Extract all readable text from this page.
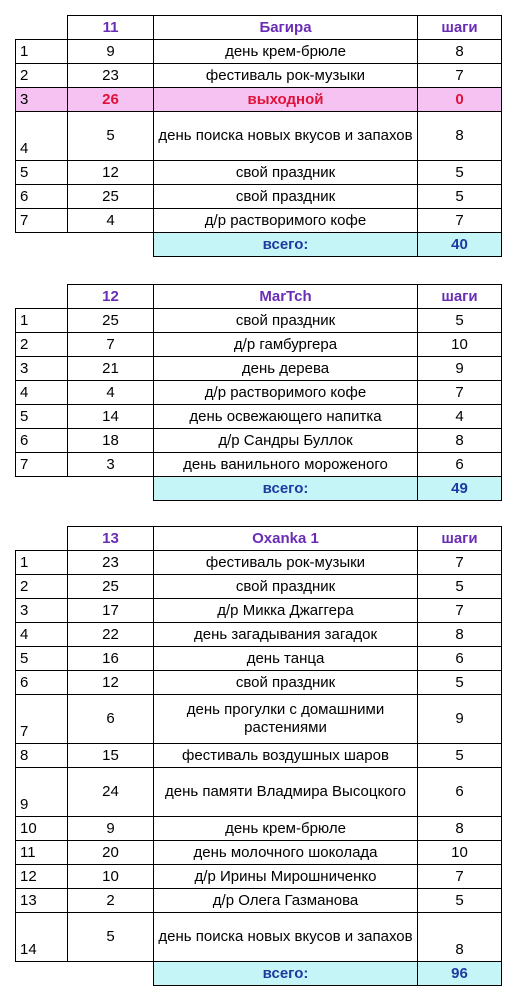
	11	Багира	шаги
1	9	день крем-брюле	8
2	23	фестиваль рок-музыки	7
3	26	выходной	0
4	5	день поиска новых вкусов и запахов	8
5	12	свой праздник	5
6	25	свой праздник	5
7	4	д/р растворимого кофе	7
		всего:	40
	12	MarTch	шаги
1	25	свой праздник	5
2	7	д/р гамбургера	10
3	21	день дерева	9
4	4	д/р растворимого кофе	7
5	14	день освежающего напитка	4
6	18	д/р Сандры Буллок	8
7	3	день ванильного мороженого	6
		всего:	49
	13	Oxanka 1	шаги
1	23	фестиваль рок-музыки	7
2	25	свой праздник	5
3	17	д/р Микка Джаггера	7
4	22	день загадывания загадок	8
5	16	день танца	6
6	12	свой праздник	5
7	6	день прогулки с домашними растениями	9
8	15	фестиваль воздушных шаров	5
9	24	день памяти Владмира Высоцкого	6
10	9	день крем-брюле	8
11	20	день молочного шоколада	10
12	10	д/р Ирины Мирошниченко	7
13	2	д/р Олега Газманова	5
14	5	день поиска новых вкусов и запахов	8
		всего:	96
